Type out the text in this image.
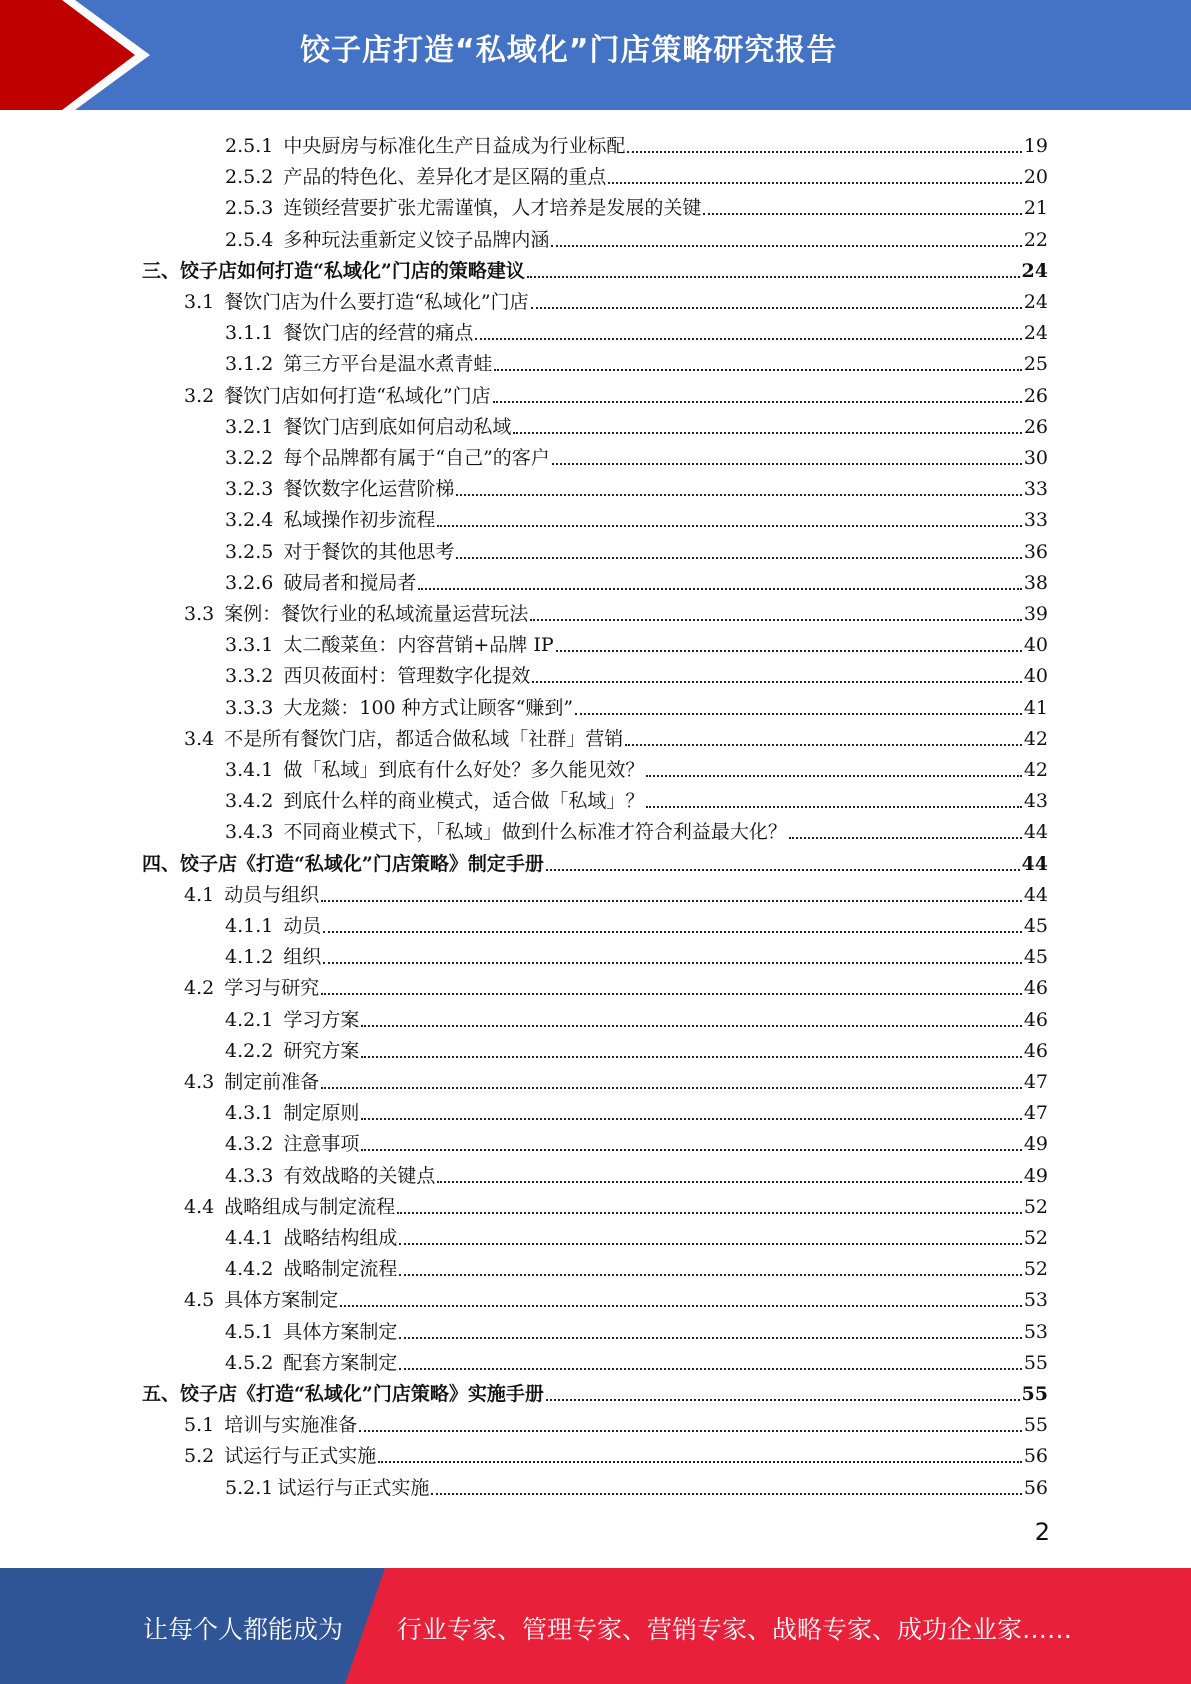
饺子店打造“私域化”门店策略研究报告
2.5.1 中央厨房与标准化生产日益成为行业标配	19
2.5.2 产品的特色化、差异化才是区隔的重点	20
2.5.3 连锁经营要扩张尤需谨慎，人才培养是发展的关键	21
2.5.4 多种玩法重新定义饺子品牌内涵	22
三、饺子店如何打造“私域化”门店的策略建议	24
3.1 餐饮门店为什么要打造“私域化”门店	24
3.1.1 餐饮门店的经营的痛点	24
3.1.2 第三方平台是温水煮青蛙	25
3.2 餐饮门店如何打造“私域化”门店	26
3.2.1 餐饮门店到底如何启动私域	26
3.2.2 每个品牌都有属于“自己”的客户	30
3.2.3 餐饮数字化运营阶梯	33
3.2.4 私域操作初步流程	33
3.2.5 对于餐饮的其他思考	36
3.2.6 破局者和搅局者	38
3.3 案例：餐饮行业的私域流量运营玩法	39
3.3.1 太二酸菜鱼：内容营销+品牌 IP	40
3.3.2 西贝莜面村：管理数字化提效	40
3.3.3 大龙燚：100 种方式让顾客“赚到”	41
3.4 不是所有餐饮门店，都适合做私域「社群」营销	42
3.4.1 做「私域」到底有什么好处？多久能见效？	42
3.4.2 到底什么样的商业模式，适合做「私域」？	43
3.4.3 不同商业模式下，「私域」做到什么标准才符合利益最大化？	44
四、饺子店《打造“私域化”门店策略》制定手册	44
4.1 动员与组织	44
4.1.1 动员	45
4.1.2 组织	45
4.2 学习与研究	46
4.2.1 学习方案	46
4.2.2 研究方案	46
4.3 制定前准备	47
4.3.1 制定原则	47
4.3.2 注意事项	49
4.3.3 有效战略的关键点	49
4.4 战略组成与制定流程	52
4.4.1 战略结构组成	52
4.4.2 战略制定流程	52
4.5 具体方案制定	53
4.5.1 具体方案制定	53
4.5.2 配套方案制定	55
五、饺子店《打造“私域化”门店策略》实施手册	55
5.1 培训与实施准备	55
5.2 试运行与正式实施	56
5.2.1 试运行与正式实施	56
2
让每个人都能成为 行业专家、管理专家、营销专家、战略专家、成功企业家……
